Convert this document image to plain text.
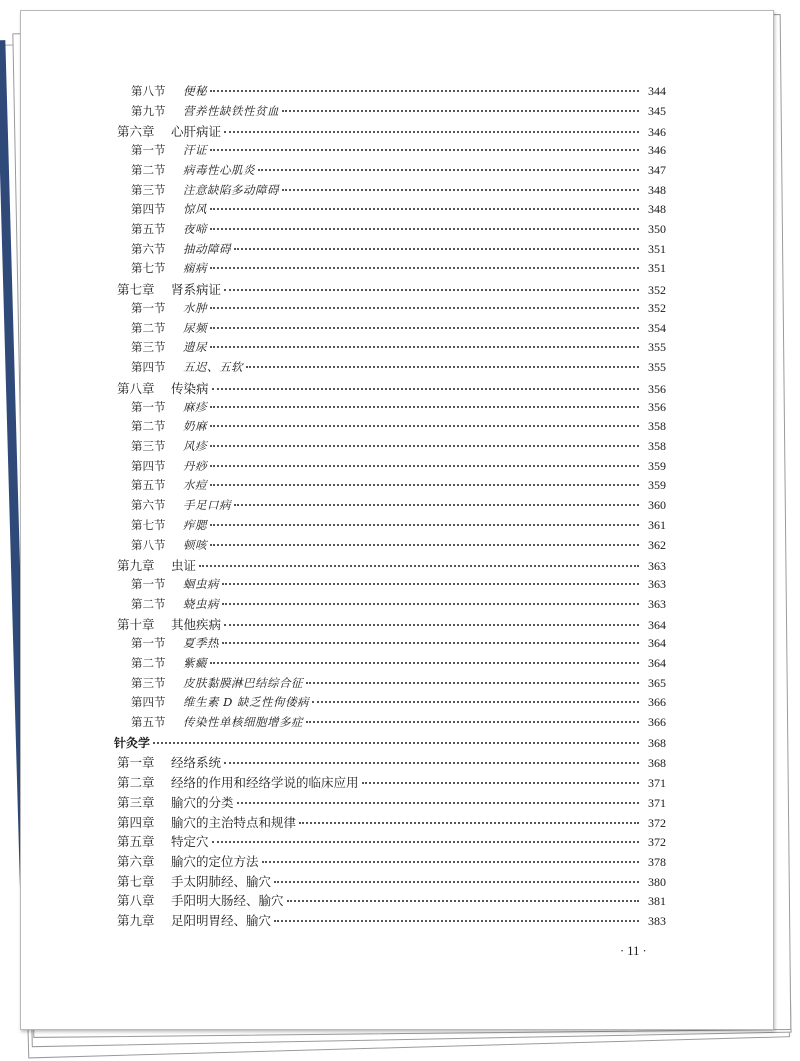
第八节	便秘	344
第九节	营养性缺铁性贫血	345
第六章	心肝病证	346
第一节	汗证	346
第二节	病毒性心肌炎	347
第三节	注意缺陷多动障碍	348
第四节	惊风	348
第五节	夜啼	350
第六节	抽动障碍	351
第七节	痫病	351
第七章	肾系病证	352
第一节	水肿	352
第二节	尿频	354
第三节	遗尿	355
第四节	五迟、五软	355
第八章	传染病	356
第一节	麻疹	356
第二节	奶麻	358
第三节	风疹	358
第四节	丹痧	359
第五节	水痘	359
第六节	手足口病	360
第七节	痄腮	361
第八节	顿咳	362
第九章	虫证	363
第一节	蛔虫病	363
第二节	蛲虫病	363
第十章	其他疾病	364
第一节	夏季热	364
第二节	紫癜	364
第三节	皮肤黏膜淋巴结综合征	365
第四节	维生素 D 缺乏性佝偻病	366
第五节	传染性单核细胞增多症	366
针灸学	368
第一章	经络系统	368
第二章	经络的作用和经络学说的临床应用	371
第三章	腧穴的分类	371
第四章	腧穴的主治特点和规律	372
第五章	特定穴	372
第六章	腧穴的定位方法	378
第七章	手太阴肺经、腧穴	380
第八章	手阳明大肠经、腧穴	381
第九章	足阳明胃经、腧穴	383
· 11 ·
